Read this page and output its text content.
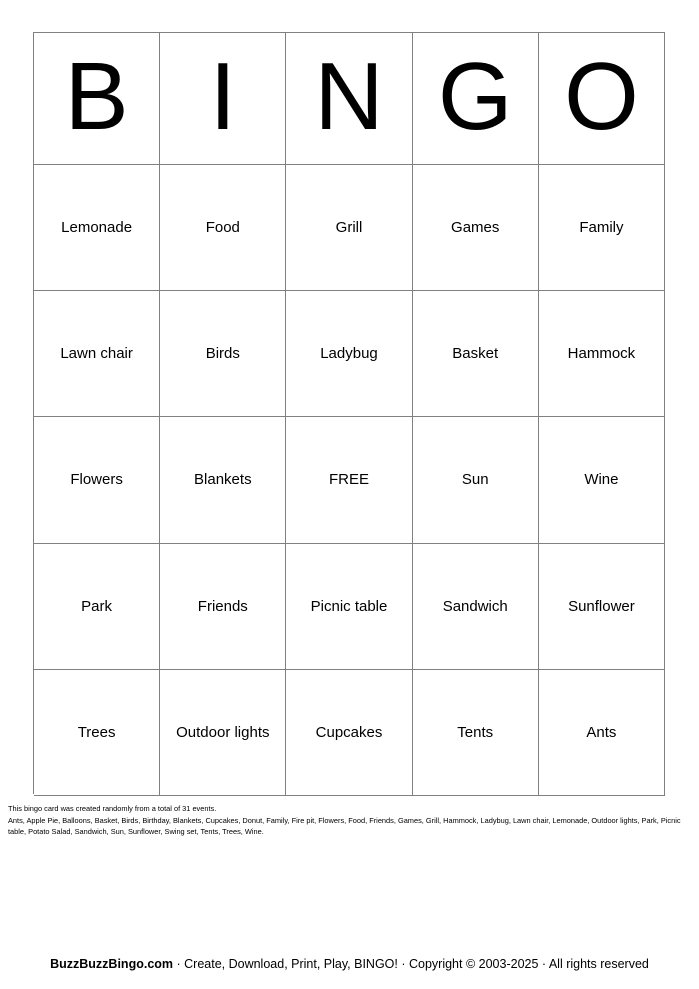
B I N G O
Lemonade	Food	Grill	Games	Family
Lawn chair	Birds	Ladybug	Basket	Hammock
Flowers	Blankets	FREE	Sun	Wine
Park	Friends	Picnic table	Sandwich	Sunflower
Trees	Outdoor lights	Cupcakes	Tents	Ants
This bingo card was created randomly from a total of 31 events.
Ants, Apple Pie, Balloons, Basket, Birds, Birthday, Blankets, Cupcakes, Donut, Family, Fire pit, Flowers, Food, Friends, Games, Grill, Hammock, Ladybug, Lawn chair, Lemonade, Outdoor lights, Park, Picnic table, Potato Salad, Sandwich, Sun, Sunflower, Swing set, Tents, Trees, Wine.
BuzzBuzzBingo.com · Create, Download, Print, Play, BINGO! · Copyright © 2003-2025 · All rights reserved
